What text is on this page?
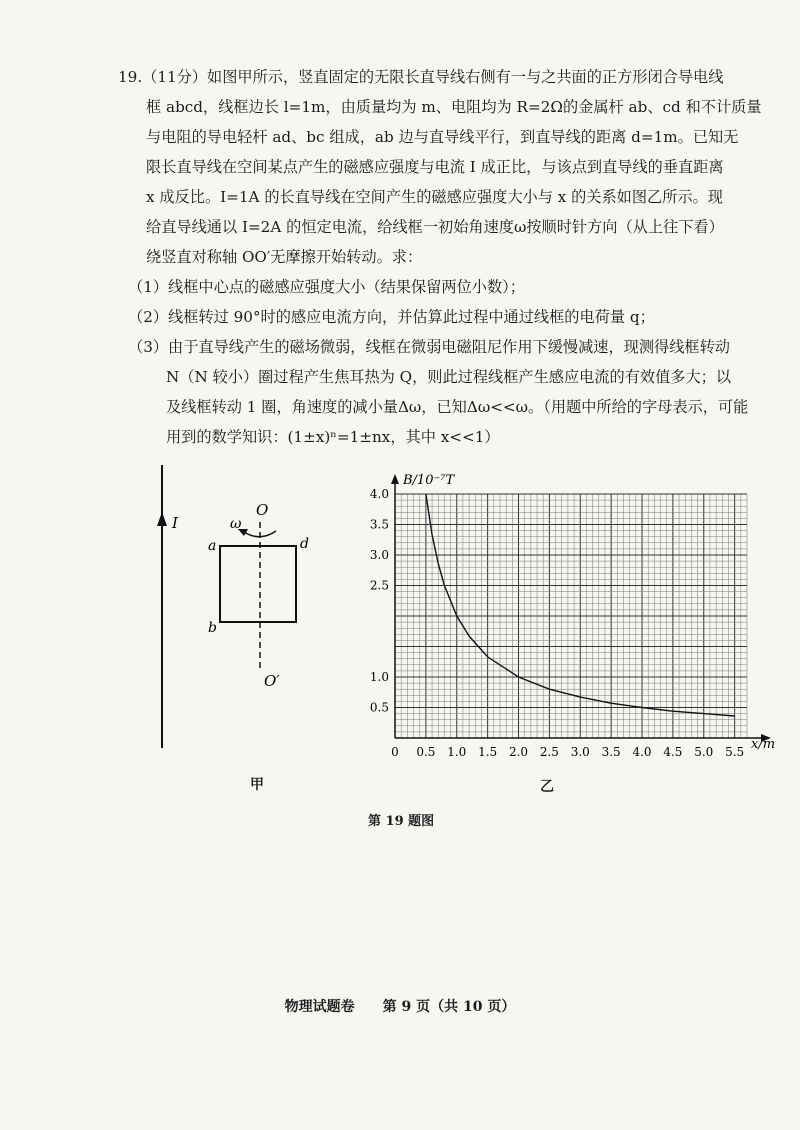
19.（11分）如图甲所示，竖直固定的无限长直导线右侧有一与之共面的正方形闭合导电线
框 abcd，线框边长 l=1m，由质量均为 m、电阻均为 R=2Ω的金属杆 ab、cd 和不计质量
与电阻的导电轻杆 ad、bc 组成，ab 边与直导线平行，到直导线的距离 d=1m。已知无
限长直导线在空间某点产生的磁感应强度与电流 I 成正比，与该点到直导线的垂直距离
x 成反比。I=1A 的长直导线在空间产生的磁感应强度大小与 x 的关系如图乙所示。现
给直导线通以 I=2A 的恒定电流，给线框一初始角速度ω按顺时针方向（从上往下看）
绕竖直对称轴 OO′无摩擦开始转动。求：
（1）线框中心点的磁感应强度大小（结果保留两位小数）；
（2）线框转过 90°时的感应电流方向，并估算此过程中通过线框的电荷量 q；
（3）由于直导线产生的磁场微弱，线框在微弱电磁阻尼作用下缓慢减速，现测得线框转动
N（N 较小）圈过程产生焦耳热为 Q，则此过程线框产生感应电流的有效值多大；以
及线框转动 1 圈，角速度的减小量Δω，已知Δω<<ω。（用题中所给的字母表示，可能
用到的数学知识：(1±x)ⁿ=1±nx，其中 x<<1）
I
O
O′
ω
a	d
b
甲
0 0.5 1.0 1.5 2.0 2.5 3.0 3.5 4.0 4.5 5.0 5.5
0.5
1.0
2.5
3.0
3.5
4.0
B/10⁻⁷T
x/m
乙
第 19 题图
物理试题卷　　第 9 页（共 10 页）
